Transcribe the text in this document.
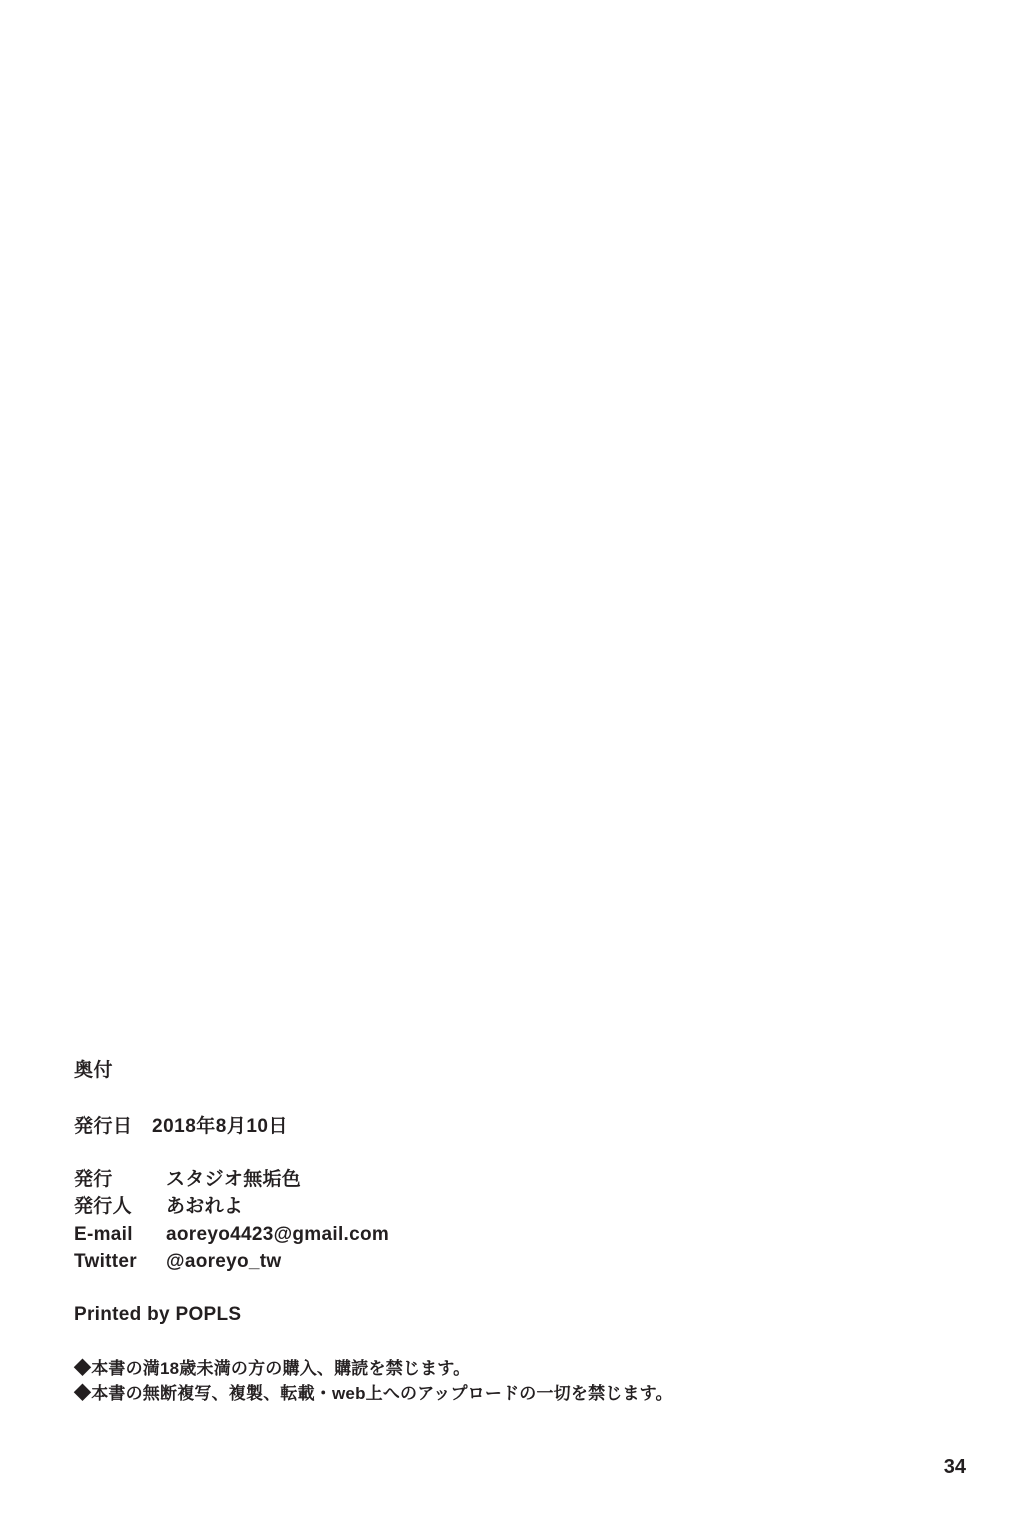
奥付
発行日　2018年8月10日
発行	スタジオ無垢色
発行人 あおれよ
E-mail aoreyo4423@gmail.com
Twitter @aoreyo_tw
Printed by POPLS
◆本書の満18歳未満の方の購入、購読を禁じます。
◆本書の無断複写、複製、転載・web上へのアップロードの一切を禁じます。
34
